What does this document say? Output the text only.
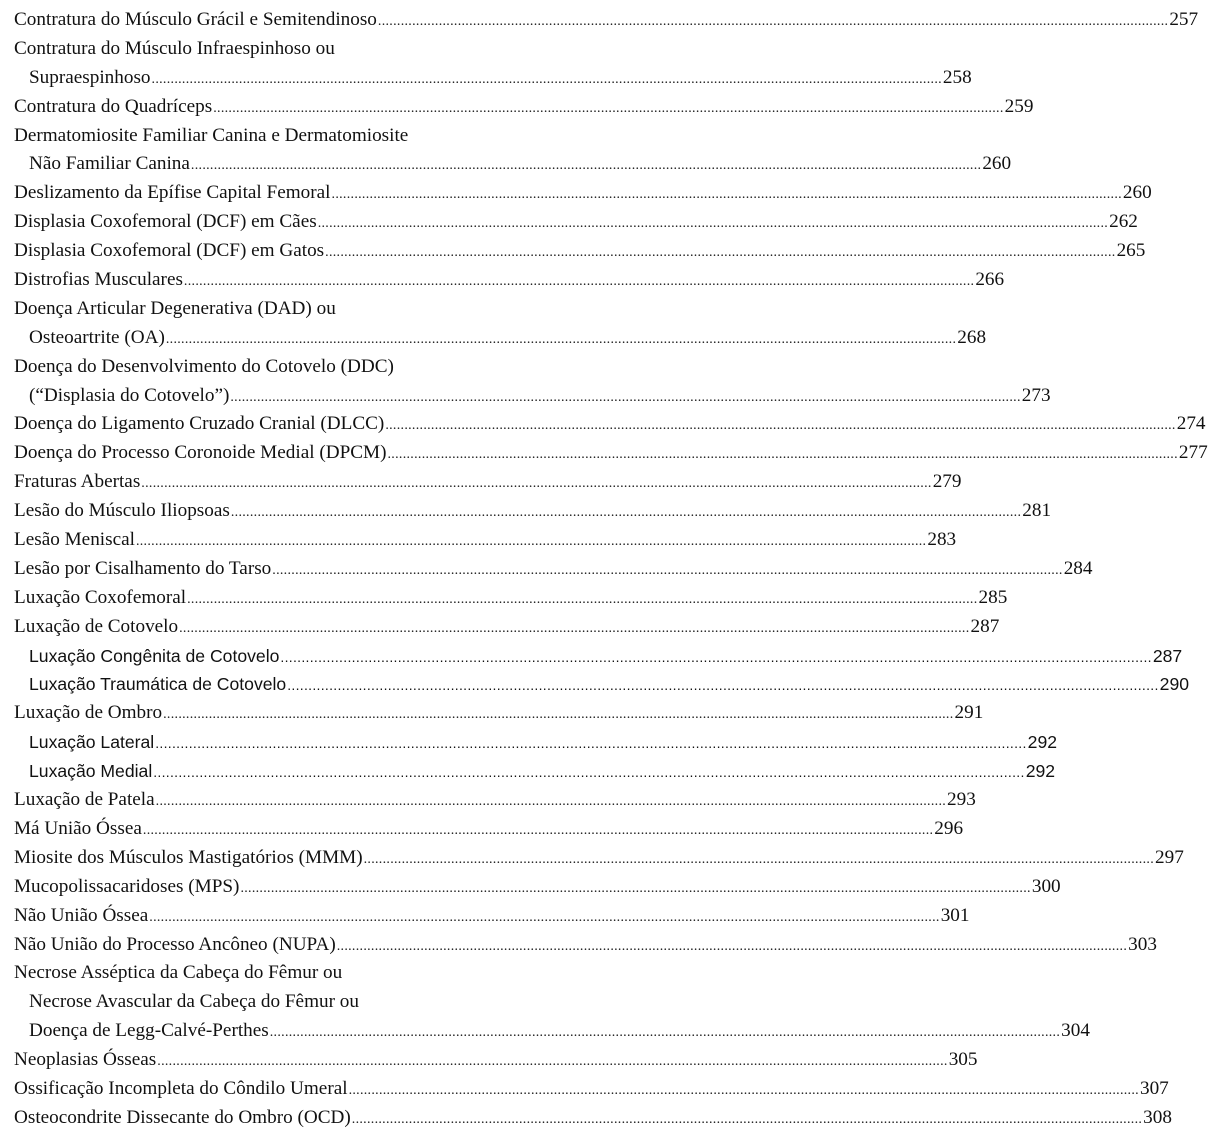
Contratura do Músculo Grácil e Semitendinoso .....	257
Contratura do Músculo Infraespinhoso ou
Supraespinhoso .....	258
Contratura do Quadríceps .....	259
Dermatomiosite Familiar Canina e Dermatomiosite
Não Familiar Canina .....	260
Deslizamento da Epífise Capital Femoral .....	260
Displasia Coxofemoral (DCF) em Cães .....	262
Displasia Coxofemoral (DCF) em Gatos .....	265
Distrofias Musculares .....	266
Doença Articular Degenerativa (DAD) ou
Osteoartrite (OA) .....	268
Doença do Desenvolvimento do Cotovelo (DDC)
(“Displasia do Cotovelo”) .....	273
Doença do Ligamento Cruzado Cranial (DLCC) .....	274
Doença do Processo Coronoide Medial (DPCM) .....	277
Fraturas Abertas .....	279
Lesão do Músculo Iliopsoas .....	281
Lesão Meniscal .....	283
Lesão por Cisalhamento do Tarso .....	284
Luxação Coxofemoral .....	285
Luxação de Cotovelo .....	287
Luxação Congênita de Cotovelo .....	287
Luxação Traumática de Cotovelo .....	290
Luxação de Ombro .....	291
Luxação Lateral .....	292
Luxação Medial .....	292
Luxação de Patela .....	293
Má União Óssea .....	296
Miosite dos Músculos Mastigatórios (MMM) .....	297
Mucopolissacaridoses (MPS) .....	300
Não União Óssea .....	301
Não União do Processo Ancôneo (NUPA) .....	303
Necrose Asséptica da Cabeça do Fêmur ou
Necrose Avascular da Cabeça do Fêmur ou
Doença de Legg-Calvé-Perthes .....	304
Neoplasias Ósseas .....	305
Ossificação Incompleta do Côndilo Umeral .....	307
Osteocondrite Dissecante do Ombro (OCD) .....	308
